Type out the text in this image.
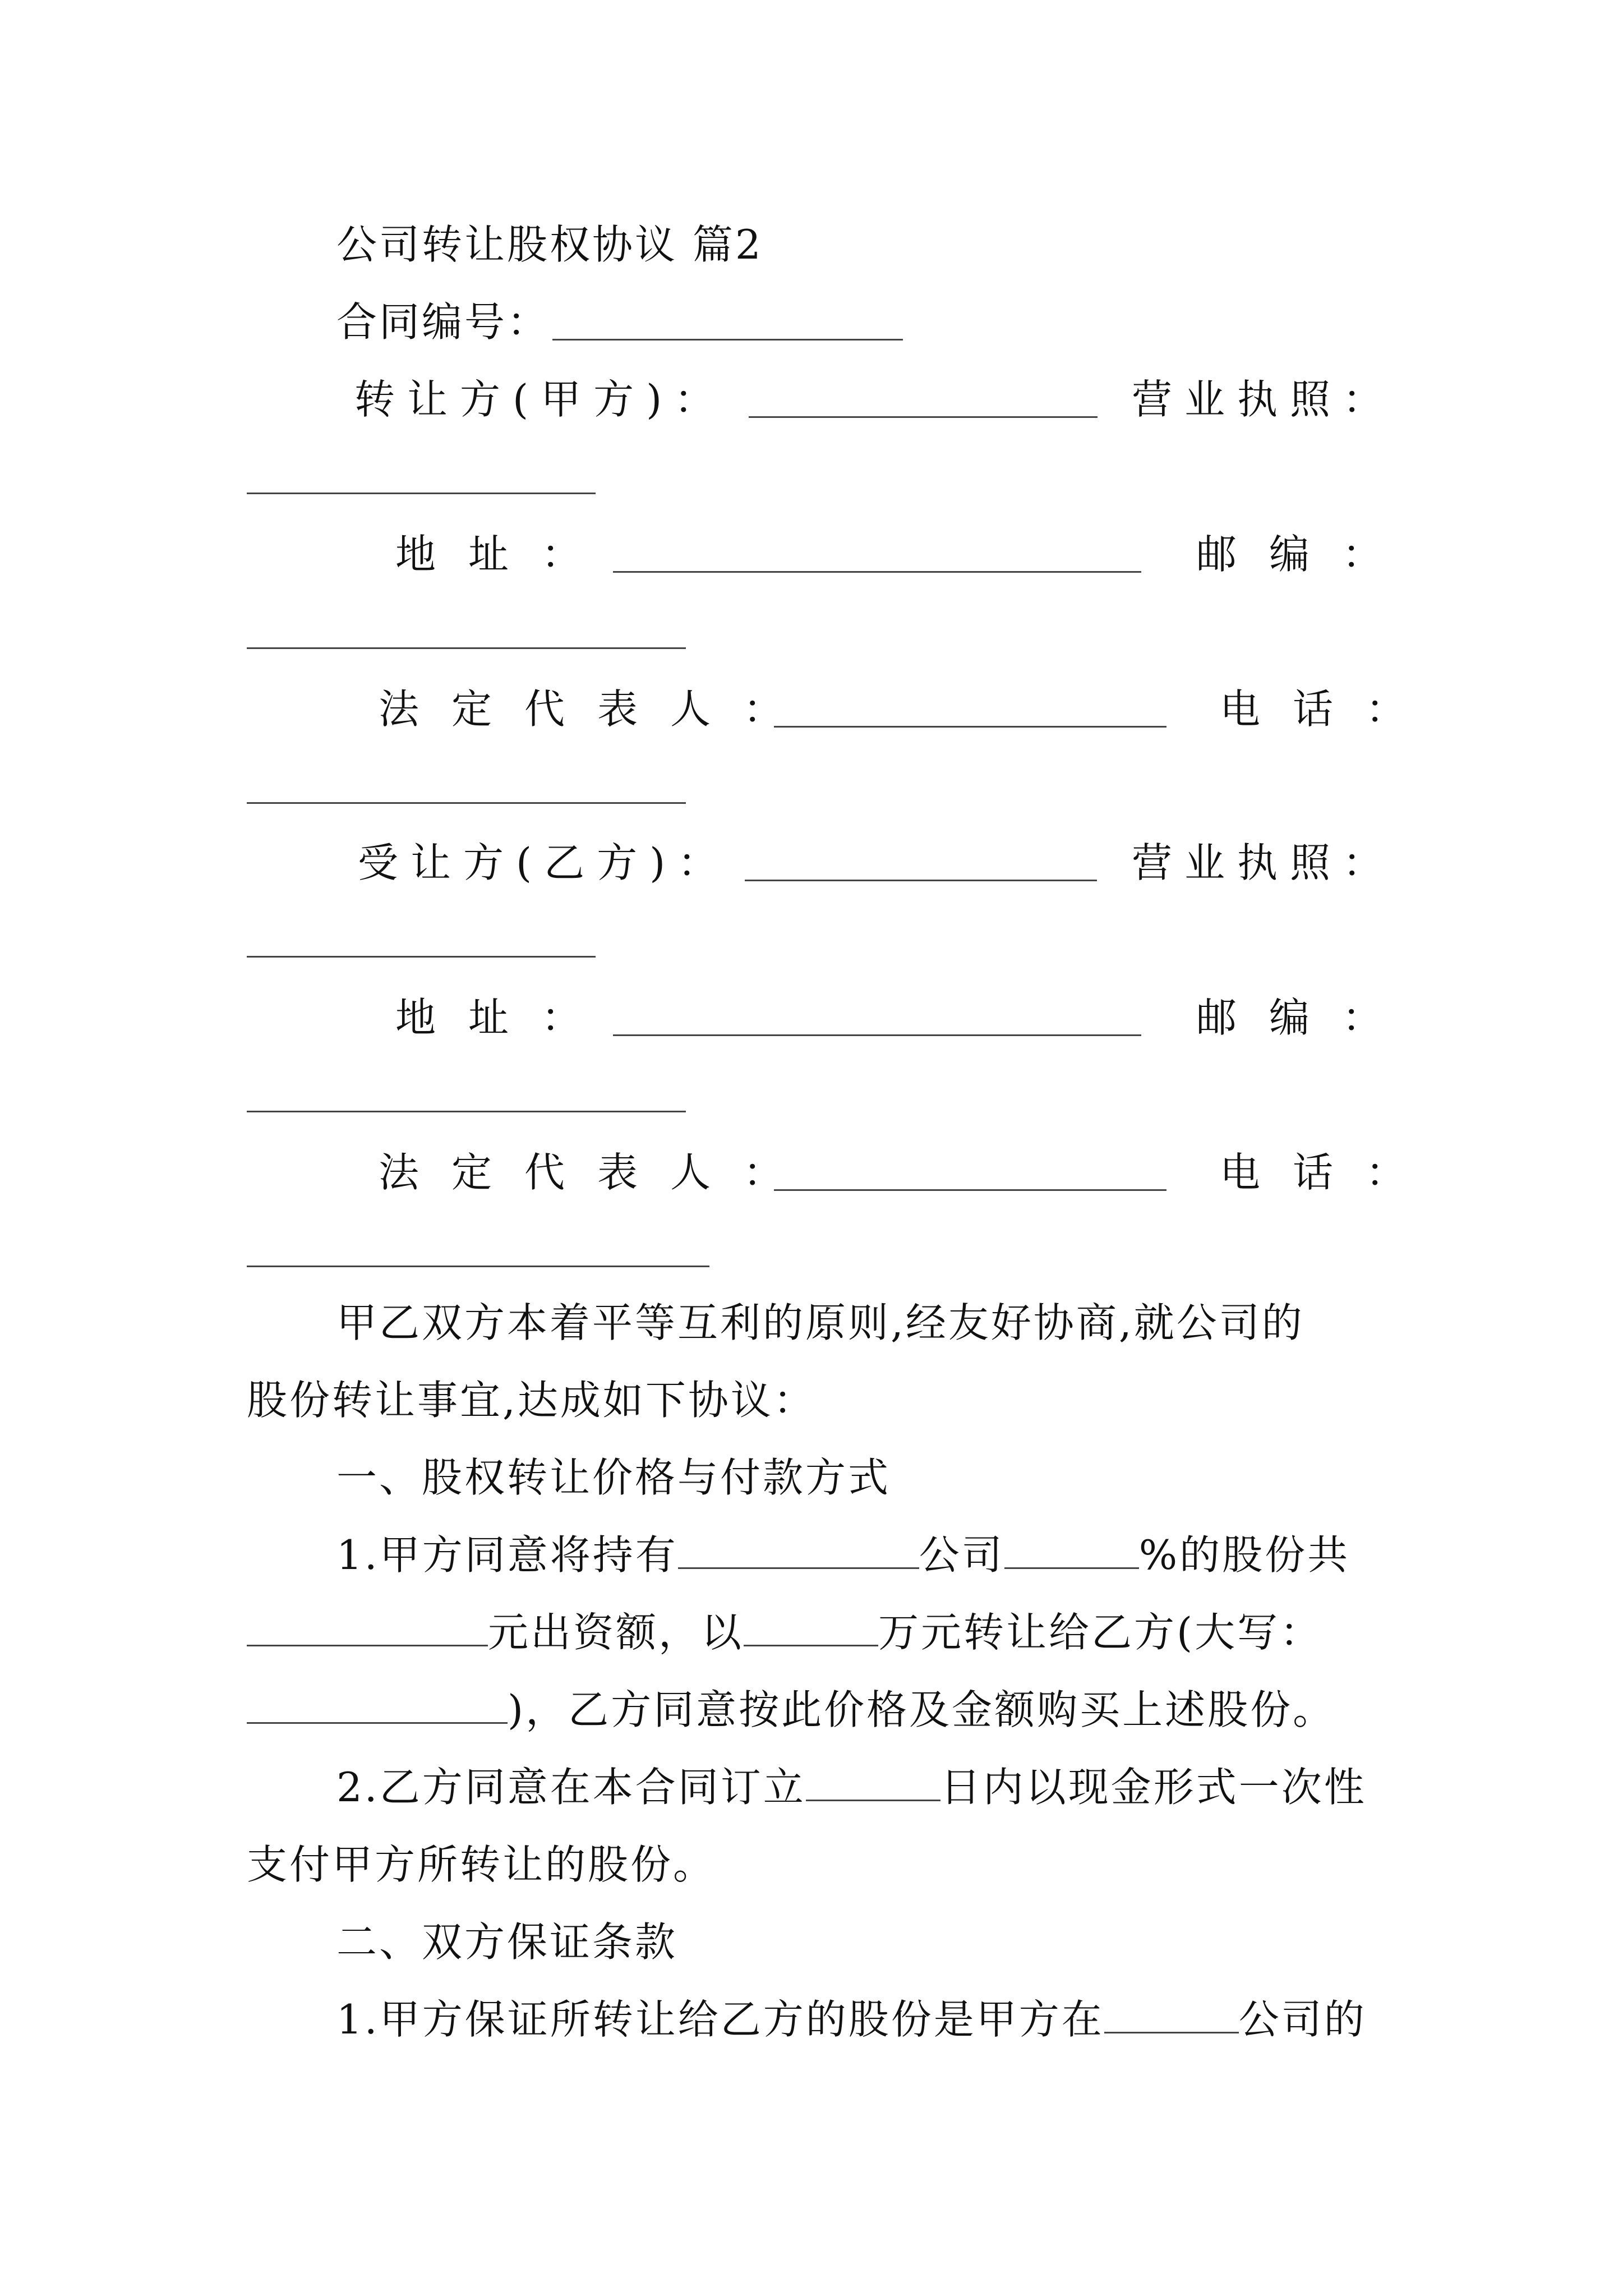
公司转让股权协议 篇2
合同编号：
转让方(甲方)：	营业执照：
地址：	邮编：
法定代表人：	电话：
受让方(乙方)：	营业执照：
地址：	邮编：
法定代表人：	电话：
甲乙双方本着平等互利的原则,经友好协商,就公司的
股份转让事宜,达成如下协议：
一、股权转让价格与付款方式
1.甲方同意将持有	公司	%的股份共
元出资额，以	万元转让给乙方(大写：
)，乙方同意按此价格及金额购买上述股份。
2.乙方同意在本合同订立	日内以现金形式一次性
支付甲方所转让的股份。
二、双方保证条款
1.甲方保证所转让给乙方的股份是甲方在	公司的
